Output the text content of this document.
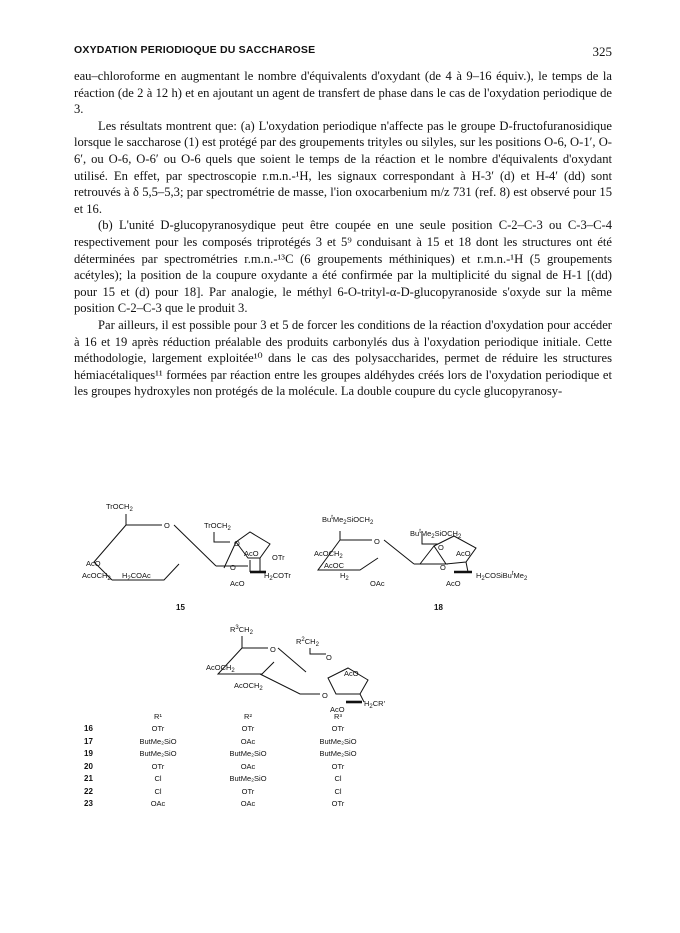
OXYDATION PERIODIOQUE DU SACCHAROSE	325

eau–chloroforme en augmentant le nombre d'équivalents d'oxydant (de 4 à 9–16 équiv.), le temps de la réaction (de 2 à 12 h) et en ajoutant un agent de transfert de phase dans le cas de l'oxydation periodique de 3.

Les résultats montrent que: (a) L'oxydation periodique n'affecte pas le groupe D-fructofuranosidique lorsque le saccharose (1) est protégé par des groupements trityles ou silyles, sur les positions O-6, O-1′, O-6′, ou O-6, O-6′ ou O-6 quels que soient le temps de la réaction et le nombre d'équivalents d'oxydant utilisé. En effet, par spectroscopie r.m.n.-¹H, les signaux correspondant à H-3′ (d) et H-4′ (dd) sont retrouvés à δ 5,5–5,3; par spectrométrie de masse, l'ion oxocarbenium m/z 731 (ref. 8) est observé pour 15 et 16.

(b) L'unité D-glucopyranosydique peut être coupée en une seule position C-2–C-3 ou C-3–C-4 respectivement pour les composés triprotégés 3 et 5⁹ conduisant à 15 et 18 dont les structures ont été déterminées par spectrométries r.m.n.-¹³C (6 groupements méthiniques) et r.m.n.-¹H (5 groupements acétyles); la position de la coupure oxydante a été confirmée par la multiplicité du signal de H-1 [(dd) pour 15 et (d) pour 18]. Par analogie, le méthyl 6-O-trityl-α-D-glucopyranoside s'oxyde sur la même position C-2–C-3 que le produit 3.

Par ailleurs, il est possible pour 3 et 5 de forcer les conditions de la réaction d'oxydation pour accéder à 16 et 19 après réduction préalable des produits carbonylés dus à l'oxydation periodique initiale. Cette méthodologie, largement exploitée¹⁰ dans le cas des polysaccharides, permet de réduire les structures hémiacétaliques¹¹ formées par réaction entre les groupes aldéhydes créés lors de l'oxydation periodique et les groupes hydroxyles non protégés de la molécule. La double coupure du cycle glucopyranosy-

TrOCH$_2$
O	TrOCH$_2$
O
AcO
AcO
AcOCH$_2$ $H_2COAc$
O
OTr
$H_2COTr$
AcO
15
$Bu^tMe_2SiOCH_2$
O
$Bu^tMe_2SiOCH_2$
O
AcOCH$_2$	AcO
AcOC
$H_2$
O
OAc
$H_2COSiBu^tMe_2$
AcO
18
$R^3CH_2$
O
$R^2CH_2$
O
AcOCH$_2$	AcO
AcOCH$_2$
O
$H_2CR'$
AcO
	R¹	R²	R³
16	OTr	OTr	OTr
17	ButMe₂SiO	OAc	ButMe₂SiO
19	ButMe₂SiO	ButMe₂SiO	ButMe₂SiO
20	OTr	OAc	OTr
21	Cl	ButMe₂SiO	Cl
22	Cl	OTr	Cl
23	OAc	OAc	OTr
